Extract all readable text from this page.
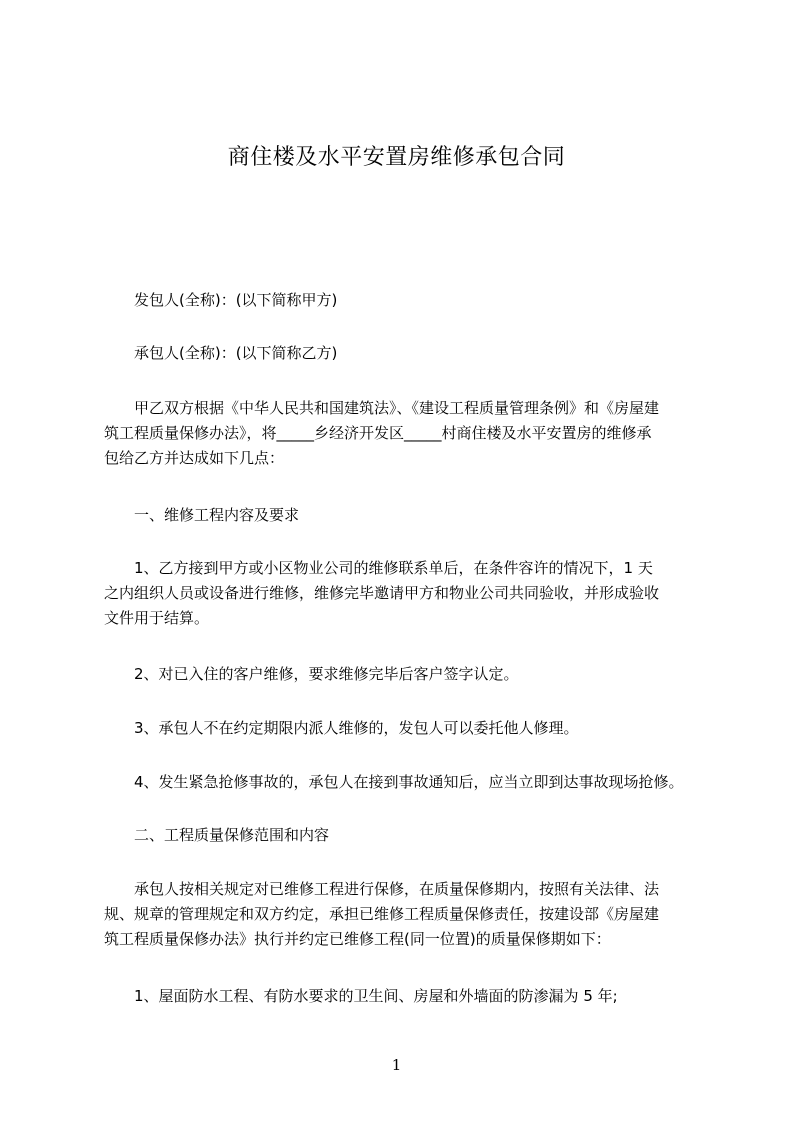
商住楼及水平安置房维修承包合同

　　发包人(全称)：(以下简称甲方)

　　承包人(全称)：(以下简称乙方)

　　甲乙双方根据《中华人民共和国建筑法》、《建设工程质量管理条例》和《房屋建
筑工程质量保修办法》，将_____乡经济开发区_____村商住楼及水平安置房的维修承
包给乙方并达成如下几点：

　　一、维修工程内容及要求

　　1、乙方接到甲方或小区物业公司的维修联系单后，在条件容许的情况下，1 天
之内组织人员或设备进行维修，维修完毕邀请甲方和物业公司共同验收，并形成验收
文件用于结算。

　　2、对已入住的客户维修，要求维修完毕后客户签字认定。

　　3、承包人不在约定期限内派人维修的，发包人可以委托他人修理。

　　4、发生紧急抢修事故的，承包人在接到事故通知后，应当立即到达事故现场抢修。

　　二、工程质量保修范围和内容

　　承包人按相关规定对已维修工程进行保修，在质量保修期内，按照有关法律、法
规、规章的管理规定和双方约定，承担已维修工程质量保修责任，按建设部《房屋建
筑工程质量保修办法》执行并约定已维修工程(同一位置)的质量保修期如下：

　　1、屋面防水工程、有防水要求的卫生间、房屋和外墙面的防渗漏为 5 年;

1
